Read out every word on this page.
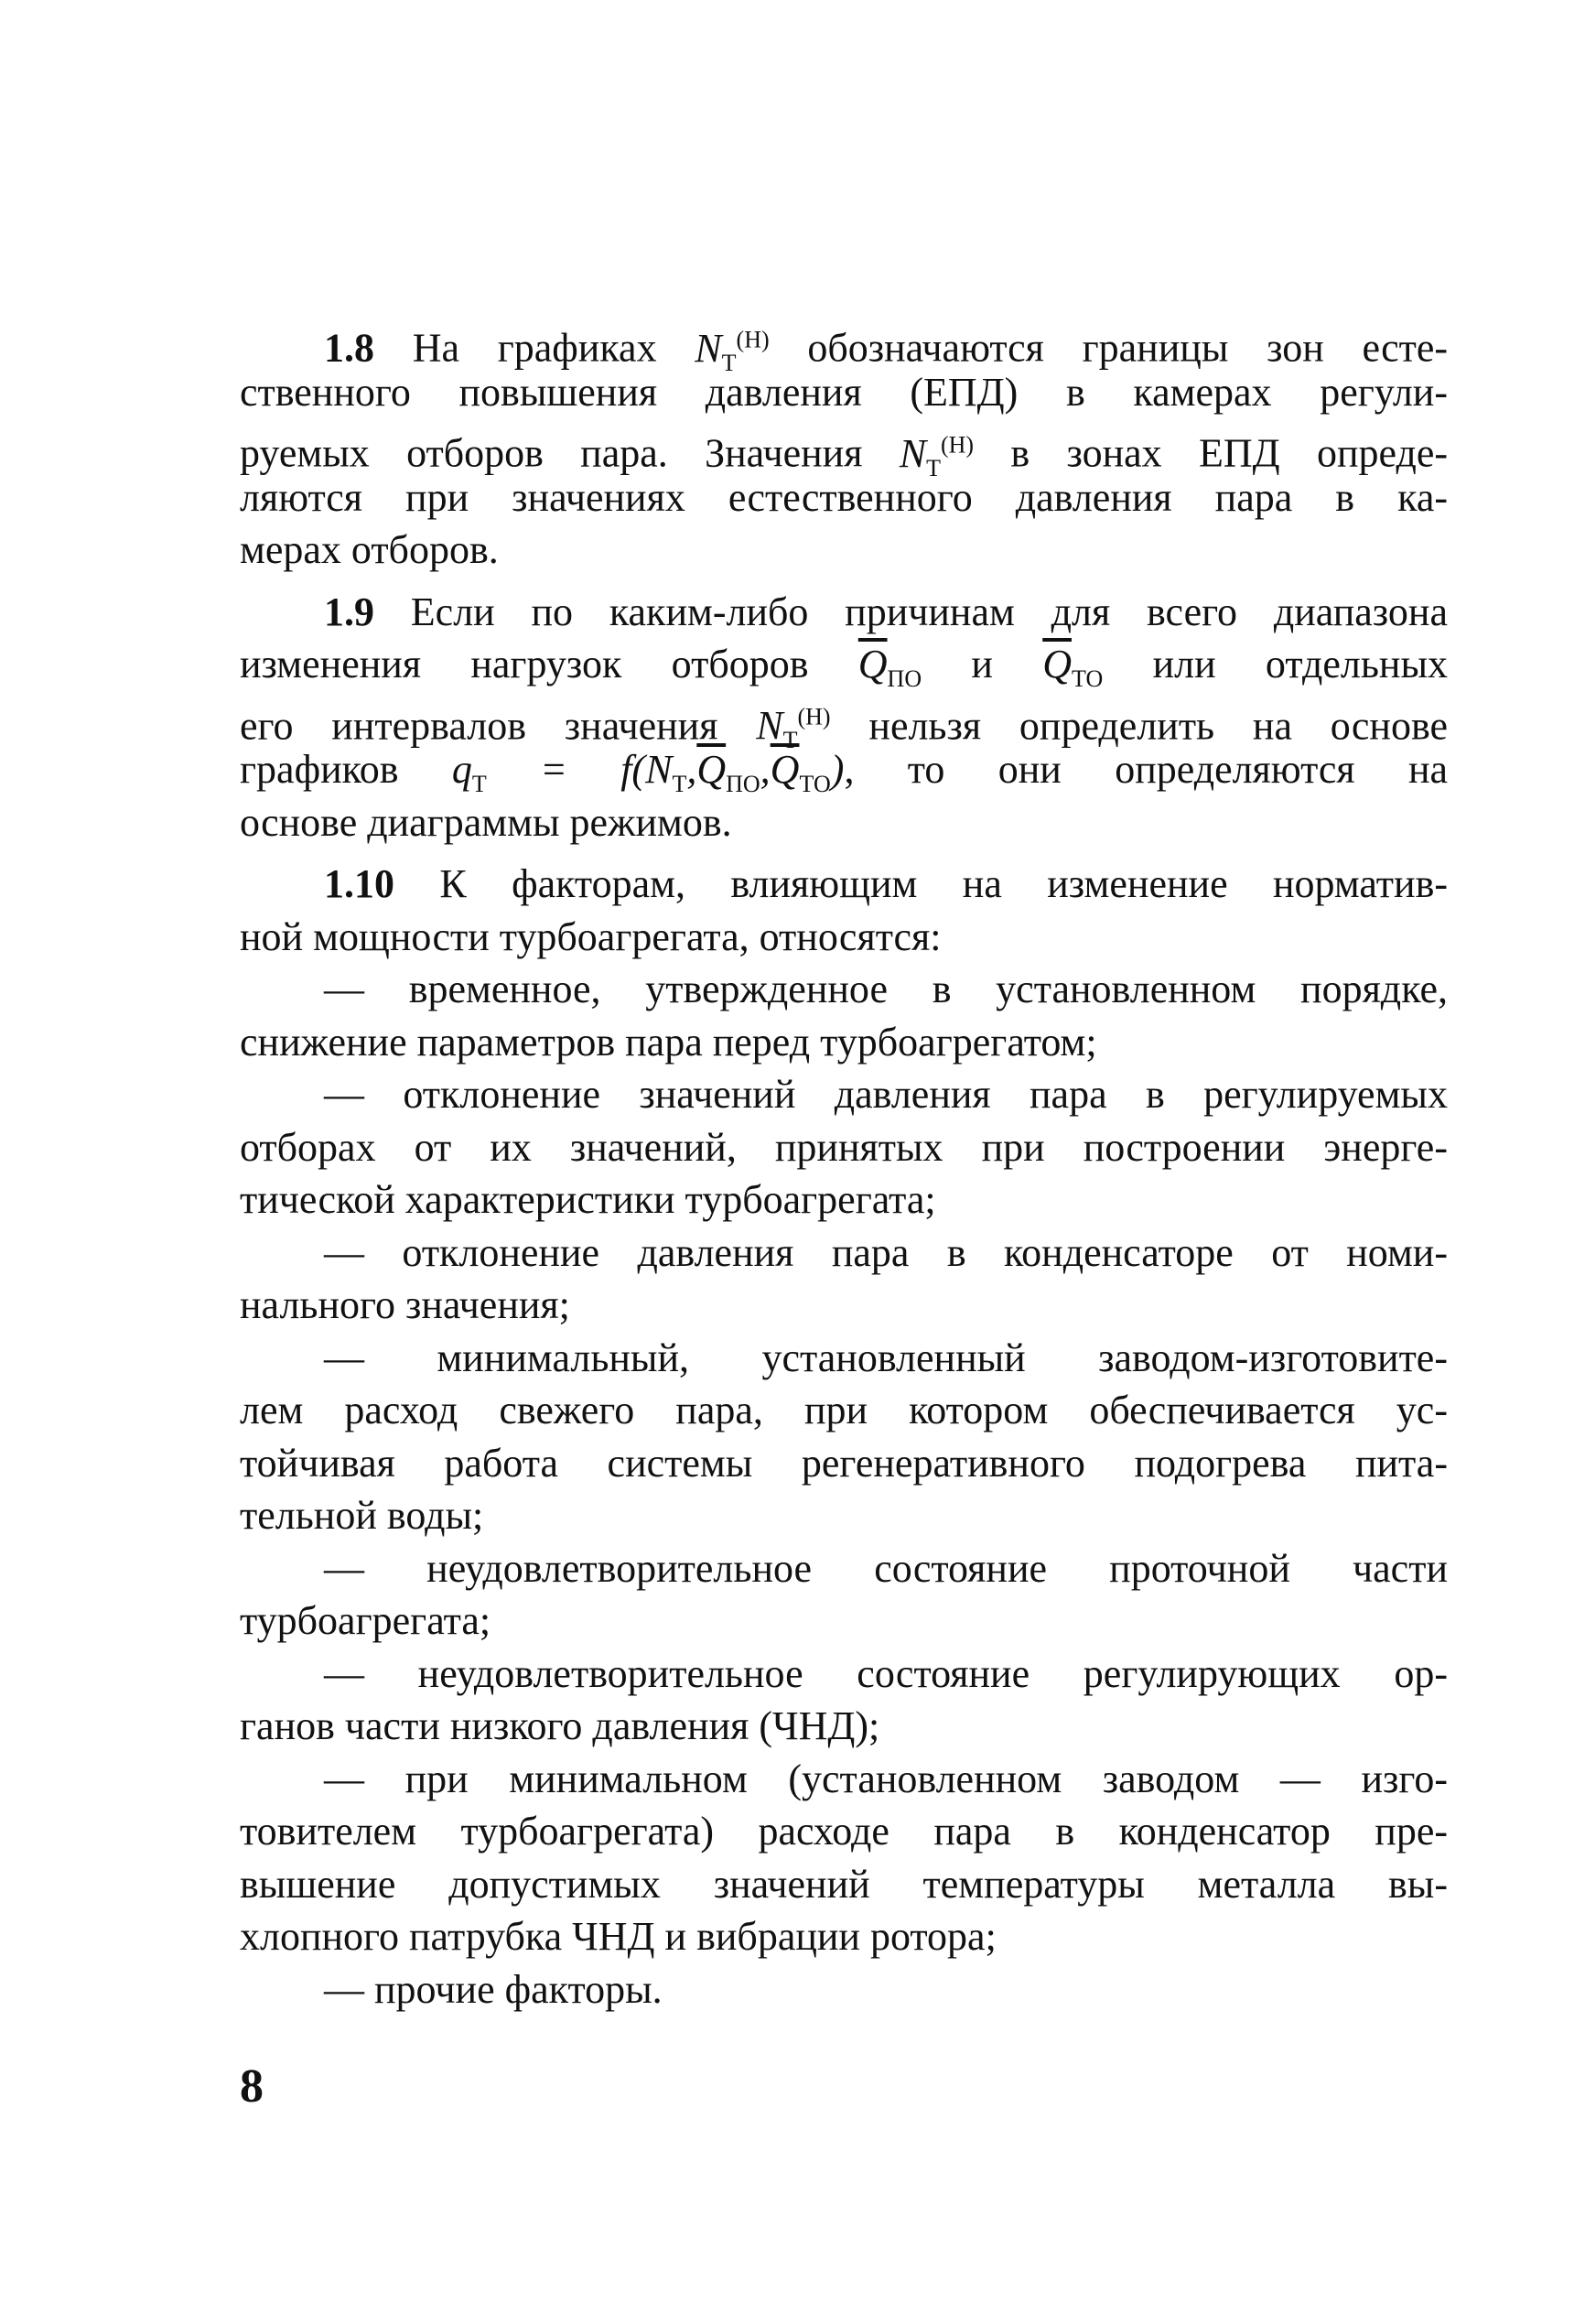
1.8 На графиках $N_Т^{(Н)}$ обозначаются границы зон есте-
ственного повышения давления (ЕПД) в камерах регули-
руемых отборов пара. Значения $N_Т^{(Н)}$ в зонах ЕПД опреде-
ляются при значениях естественного давления пара в ка-
мерах отборов.
1.9 Если по каким-либо причинам для всего диапазона
изменения нагрузок отборов $\overline{Q}_{ПО}$ и $\overline{Q}_{ТО}$ или отдельных
его интервалов значения $N_Т^{(Н)}$ нельзя определить на основе
графиков $q_Т = f(N_Т,\overline{Q}_{ПО},\overline{Q}_{ТО})$, то они определяются на
основе диаграммы режимов.
1.10 К факторам, влияющим на изменение норматив-
ной мощности турбоагрегата, относятся:
— временное, утвержденное в установленном порядке,
снижение параметров пара перед турбоагрегатом;
— отклонение значений давления пара в регулируемых
отборах от их значений, принятых при построении энерге-
тической характеристики турбоагрегата;
— отклонение давления пара в конденсаторе от номи-
нального значения;
— минимальный, установленный заводом-изготовите-
лем расход свежего пара, при котором обеспечивается ус-
тойчивая работа системы регенеративного подогрева пита-
тельной воды;
— неудовлетворительное состояние проточной части
турбоагрегата;
— неудовлетворительное состояние регулирующих ор-
ганов части низкого давления (ЧНД);
— при минимальном (установленном заводом — изго-
товителем турбоагрегата) расходе пара в конденсатор пре-
вышение допустимых значений температуры металла вы-
хлопного патрубка ЧНД и вибрации ротора;
— прочие факторы.
8
